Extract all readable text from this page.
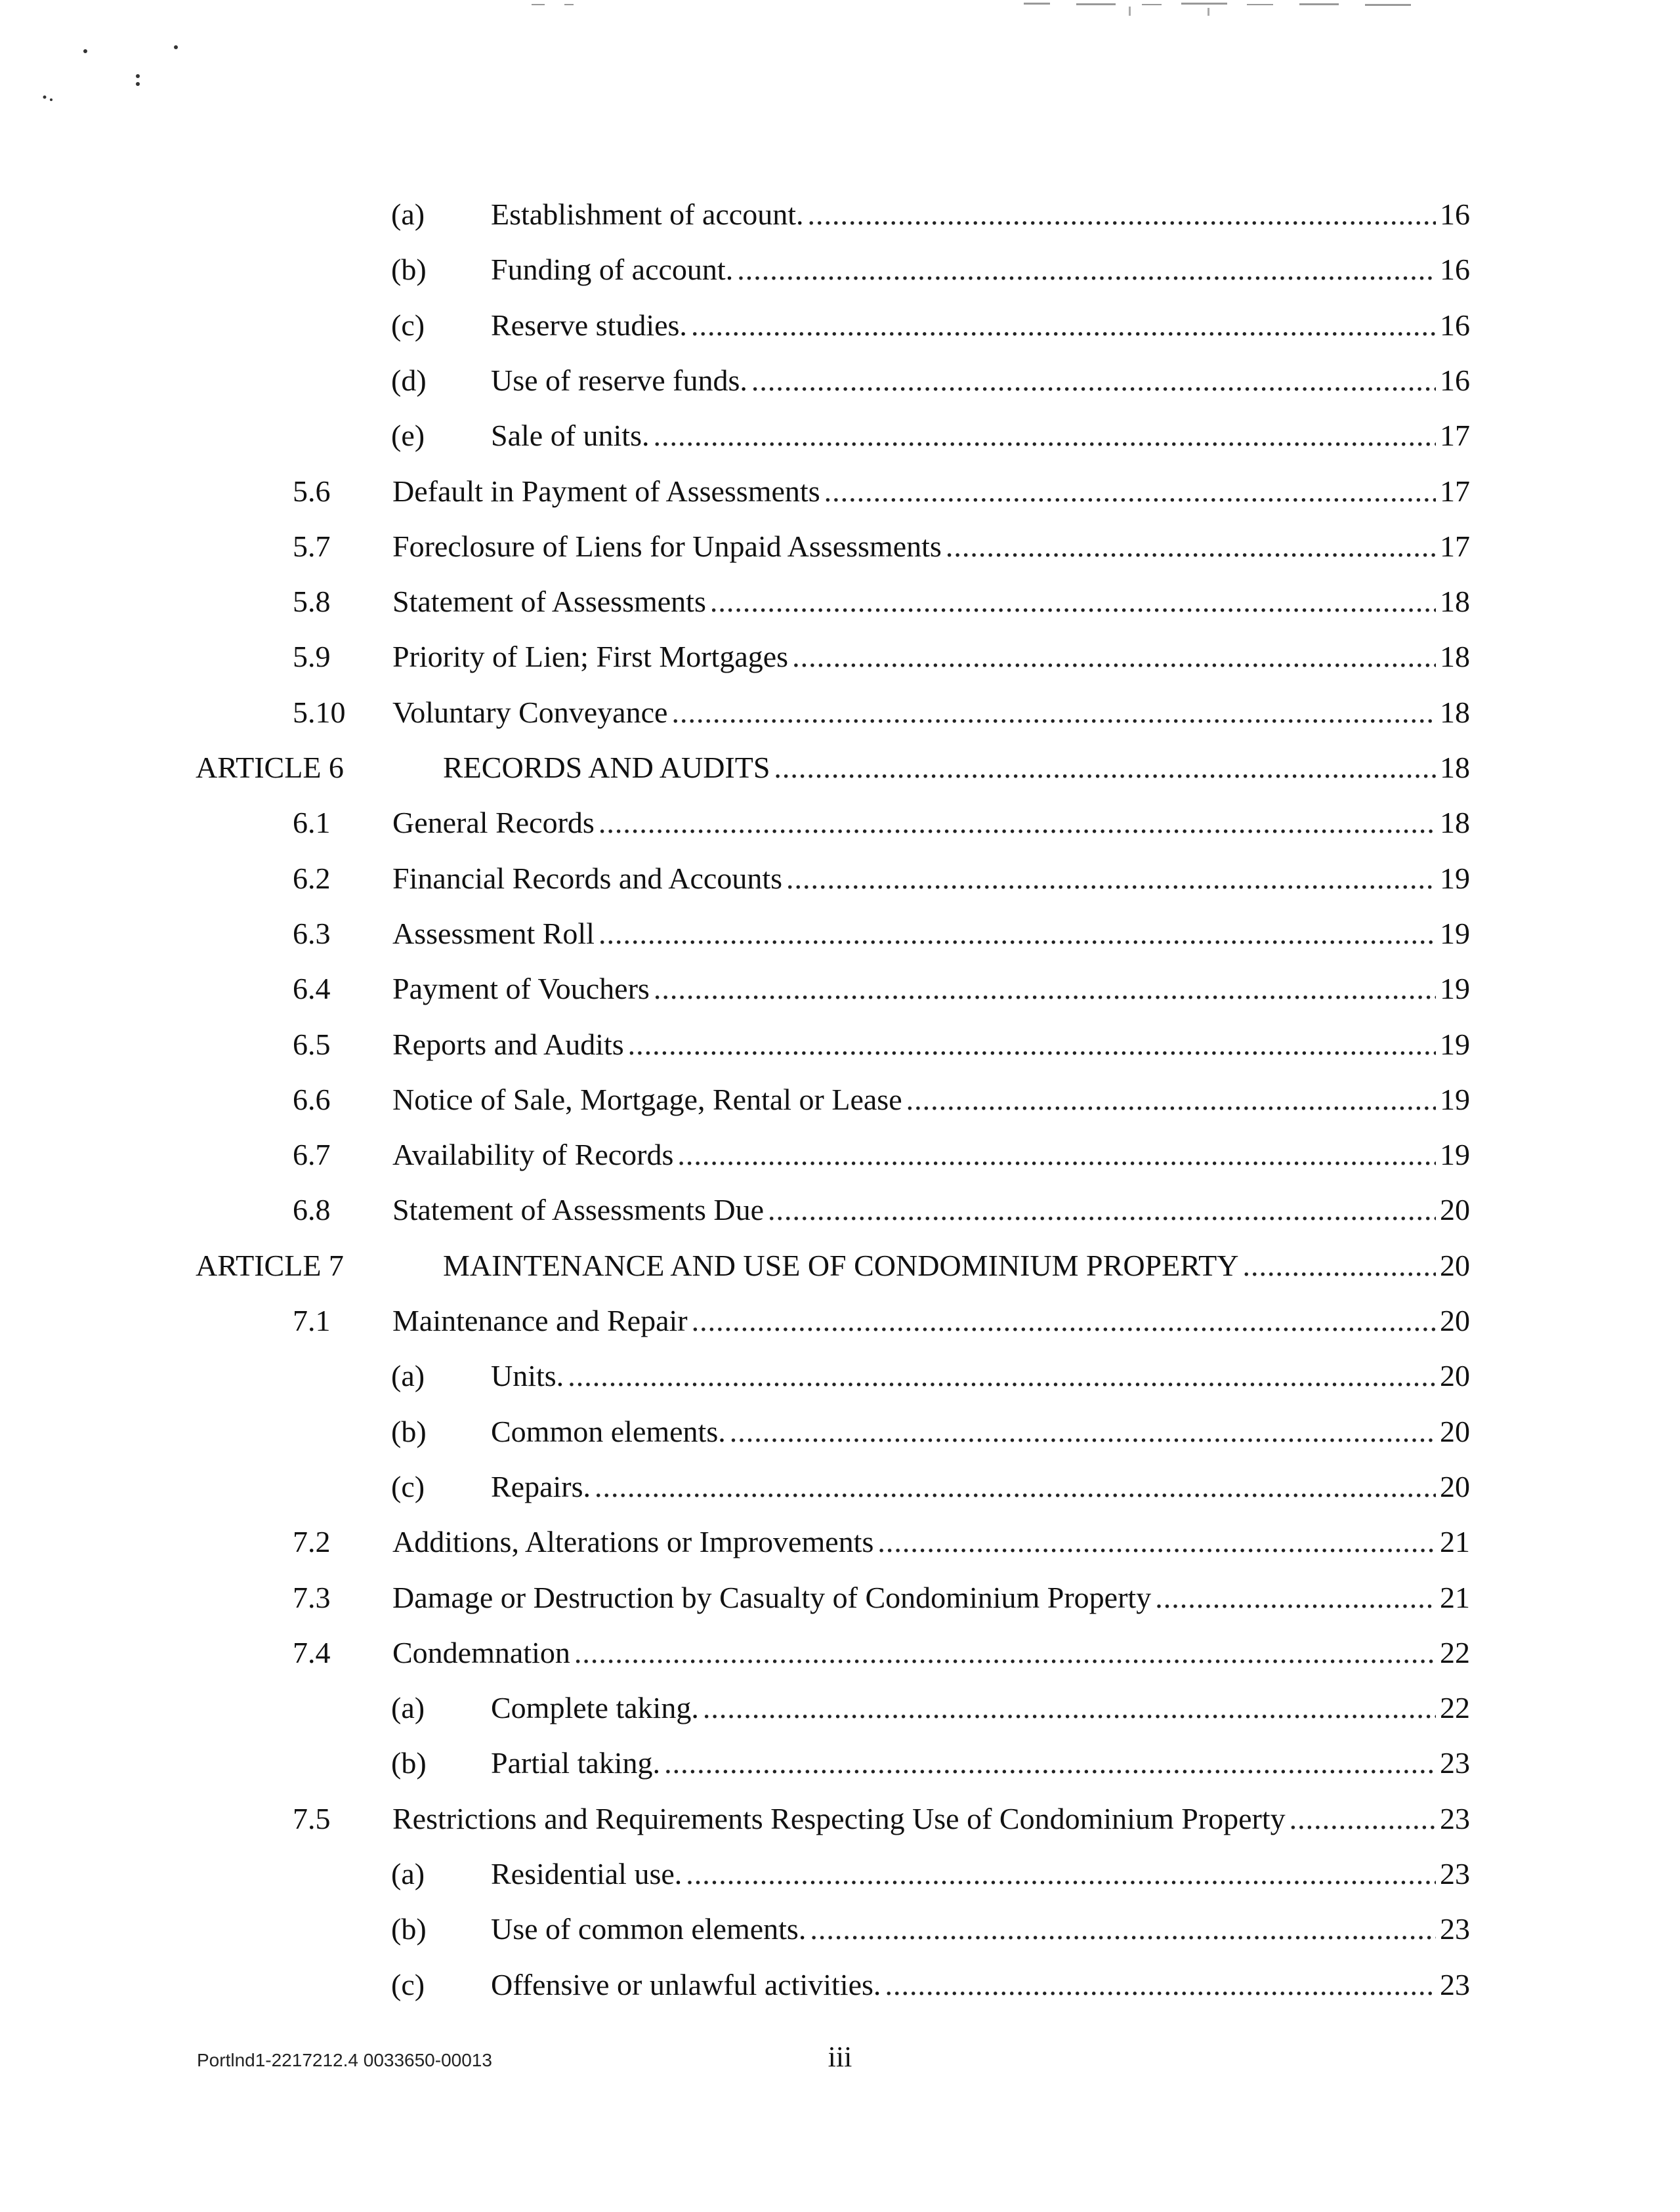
(a) Establishment of account. .....	16
(b) Funding of account. .....	16
(c) Reserve studies. .....	16
(d) Use of reserve funds. .....	16
(e) Sale of units. .....	17
5.6 Default in Payment of Assessments .....	17
5.7 Foreclosure of Liens for Unpaid Assessments .....	17
5.8 Statement of Assessments .....	18
5.9 Priority of Lien; First Mortgages .....	18
5.10 Voluntary Conveyance .....	18
ARTICLE 6	RECORDS AND AUDITS .....	18
6.1 General Records .....	18
6.2 Financial Records and Accounts .....	19
6.3 Assessment Roll .....	19
6.4 Payment of Vouchers .....	19
6.5 Reports and Audits .....	19
6.6 Notice of Sale, Mortgage, Rental or Lease .....	19
6.7 Availability of Records .....	19
6.8 Statement of Assessments Due .....	20
ARTICLE 7	MAINTENANCE AND USE OF CONDOMINIUM PROPERTY .....	20
7.1 Maintenance and Repair .....	20
(a) Units. .....	20
(b) Common elements. .....	20
(c) Repairs. .....	20
7.2 Additions, Alterations or Improvements .....	21
7.3 Damage or Destruction by Casualty of Condominium Property .....	21
7.4 Condemnation .....	22
(a) Complete taking. .....	22
(b) Partial taking. .....	23
7.5 Restrictions and Requirements Respecting Use of Condominium Property .....	23
(a) Residential use. .....	23
(b) Use of common elements. .....	23
(c) Offensive or unlawful activities. .....	23
Portlnd1-2217212.4 0033650-00013	iii
